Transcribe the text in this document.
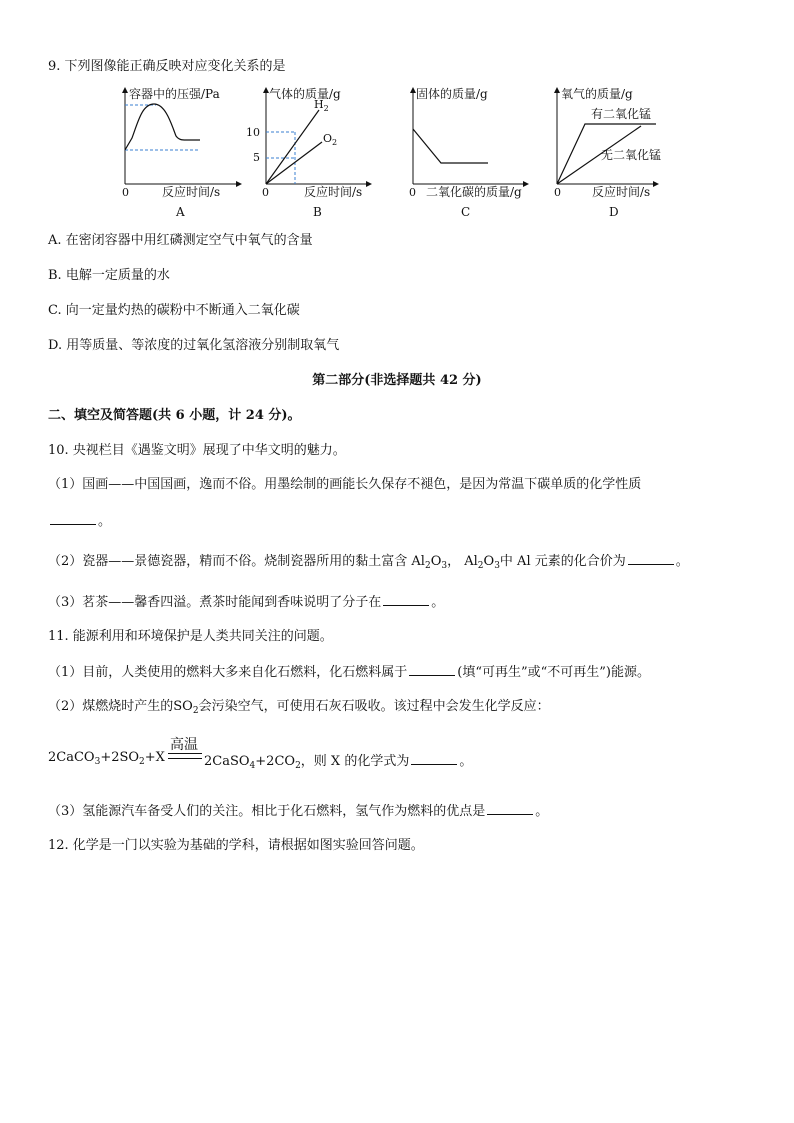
9. 下列图像能正确反映对应变化关系的是
容器中的压强/Pa
0	反应时间/s
A
气体的质量/g
10
5
$H_2$
$O_2$
0	反应时间/s
B
固体的质量/g
0 二氧化碳的质量/g
C
氧气的质量/g
有二氧化锰
无二氧化锰
0	反应时间/s
D
A. 在密闭容器中用红磷测定空气中氧气的含量
B. 电解一定质量的水
C. 向一定量灼热的碳粉中不断通入二氧化碳
D. 用等质量、等浓度的过氧化氢溶液分别制取氧气
第二部分(非选择题共 42 分)
二、填空及简答题(共 6 小题，计 24 分)。
10. 央视栏目《遇鉴文明》展现了中华文明的魅力。
（1）国画——中国国画，逸而不俗。用墨绘制的画能长久保存不褪色，是因为常温下碳单质的化学性质
。
（2）瓷器——景德瓷器，精而不俗。烧制瓷器所用的黏土富含 $Al_2O_3$， $Al_2O_3$中 Al 元素的化合价为	。
（3）茗茶——馨香四溢。煮茶时能闻到香味说明了分子在	。
11. 能源利用和环境保护是人类共同关注的问题。
（1）目前，人类使用的燃料大多来自化石燃料，化石燃料属于	(填“可再生”或“不可再生”)能源。
（2）煤燃烧时产生的$SO_2$会污染空气，可使用石灰石吸收。该过程中会发生化学反应：
$2CaCO_3+2SO_2+X$
高温
$2CaSO_4+2CO_2$，则 X 的化学式为	。
（3）氢能源汽车备受人们的关注。相比于化石燃料，氢气作为燃料的优点是	。
12. 化学是一门以实验为基础的学科，请根据如图实验回答问题。
